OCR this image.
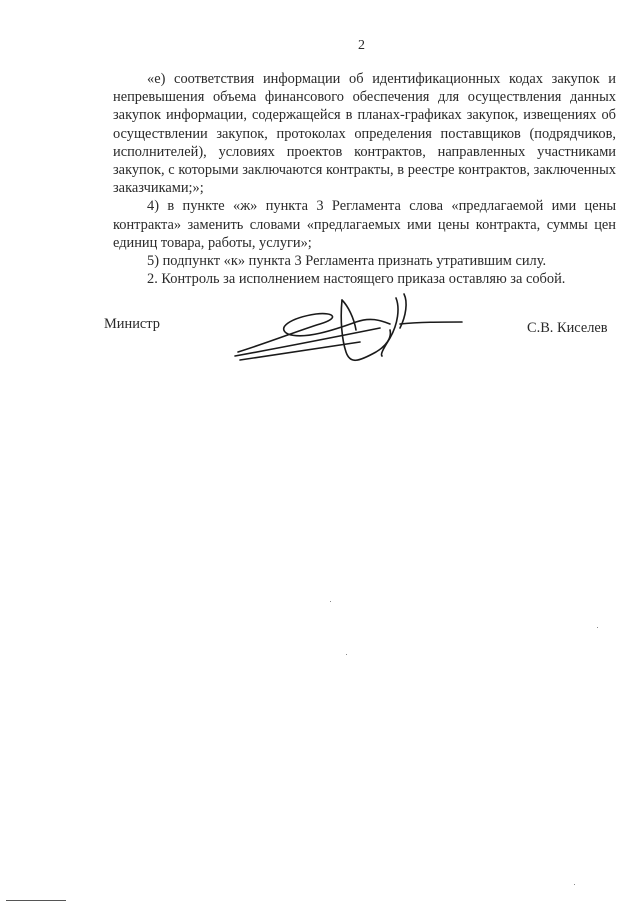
2

«е) соответствия информации об идентификационных кодах закупок и непревышения объема финансового обеспечения для осуществления данных закупок информации, содержащейся в планах-графиках закупок, извещениях об осуществлении закупок, протоколах определения поставщиков (подрядчиков, исполнителей), условиях проектов контрактов, направленных участниками закупок, с которыми заключаются контракты, в реестре контрактов, заключенных заказчиками;»;

4) в пункте «ж» пункта 3 Регламента слова «предлагаемой ими цены контракта» заменить словами «предлагаемых ими цены контракта, суммы цен единиц товара, работы, услуги»;

5) подпункт «к» пункта 3 Регламента признать утратившим силу.

2. Контроль за исполнением настоящего приказа оставляю за собой.

Министр	С.В. Киселев
